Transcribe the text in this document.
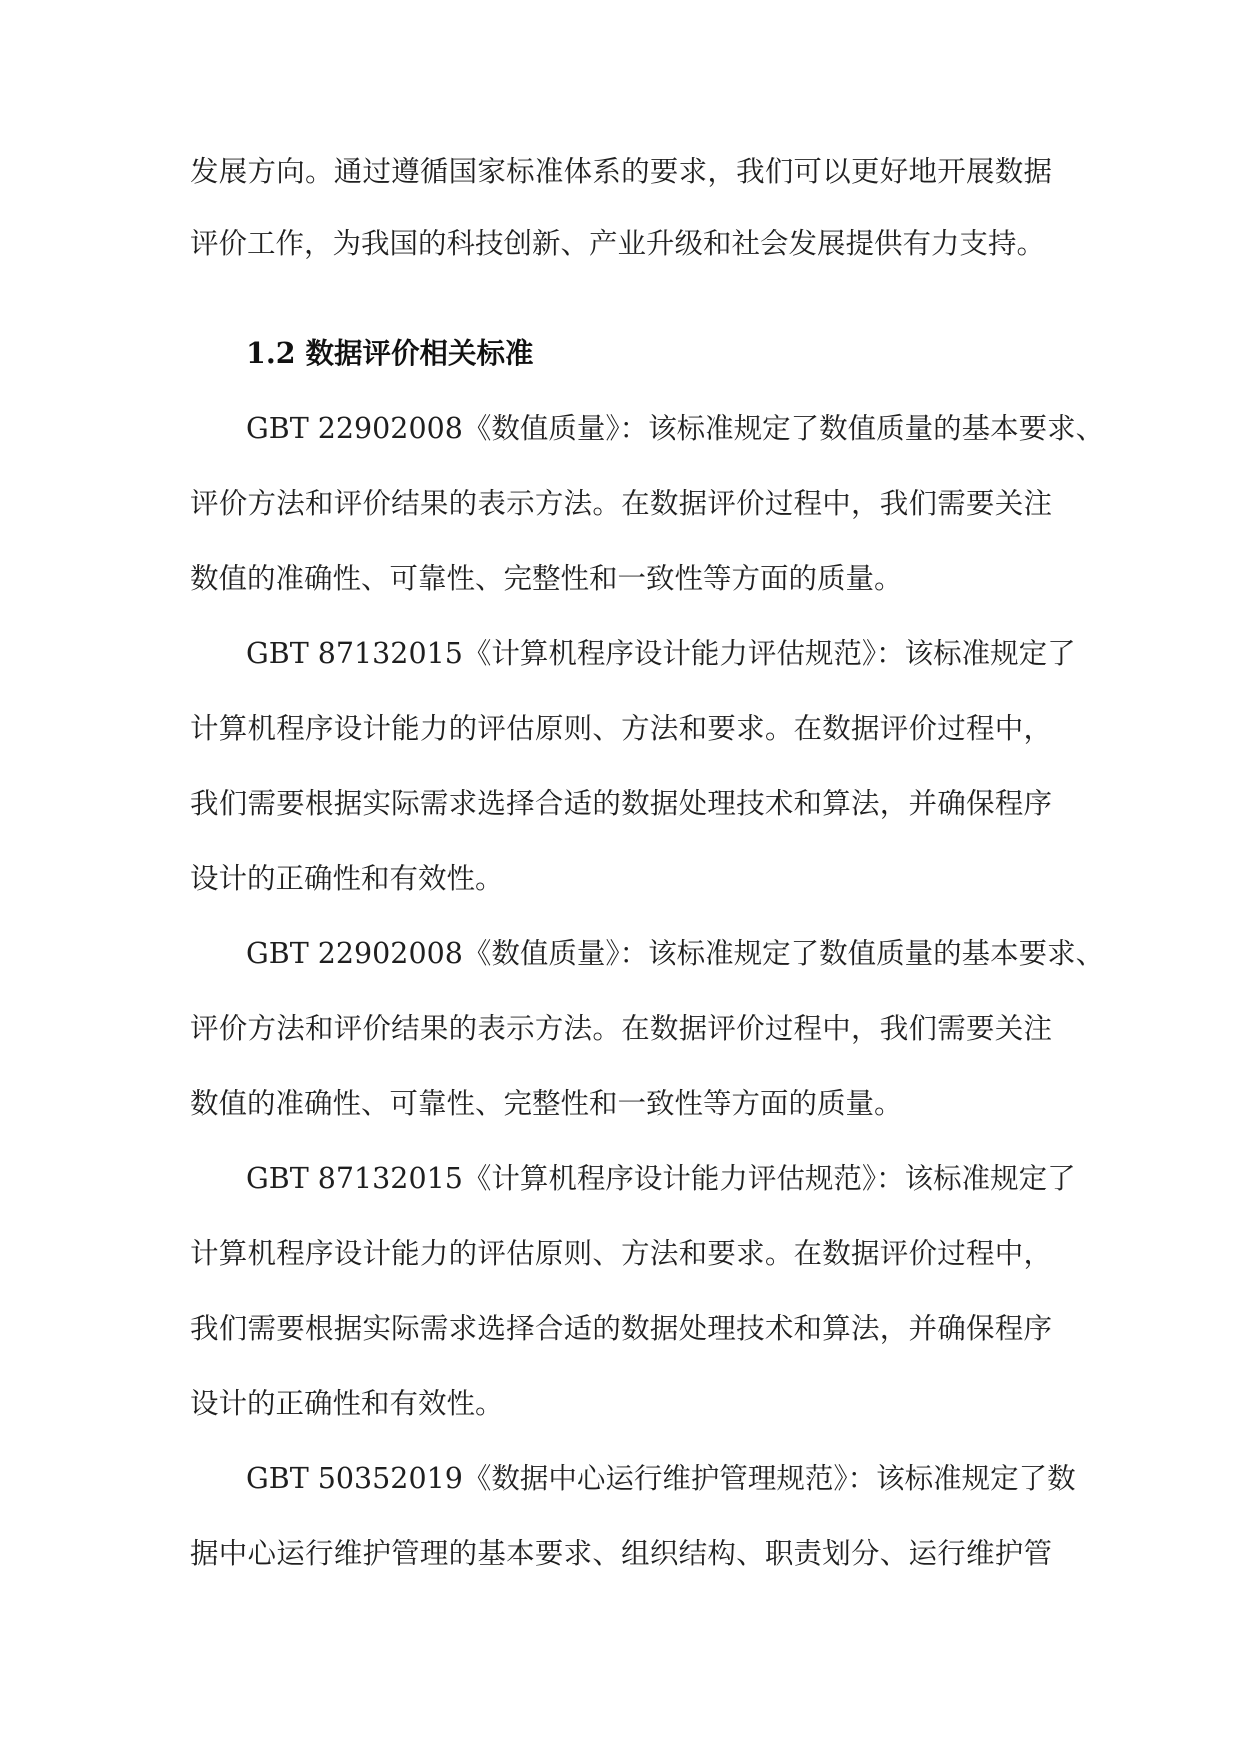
发展方向。通过遵循国家标准体系的要求，我们可以更好地开展数据
评价工作，为我国的科技创新、产业升级和社会发展提供有力支持。
1.2 数据评价相关标准
GBT 22902008《数值质量》：该标准规定了数值质量的基本要求、
评价方法和评价结果的表示方法。在数据评价过程中，我们需要关注
数值的准确性、可靠性、完整性和一致性等方面的质量。
GBT 87132015《计算机程序设计能力评估规范》：该标准规定了
计算机程序设计能力的评估原则、方法和要求。在数据评价过程中，
我们需要根据实际需求选择合适的数据处理技术和算法，并确保程序
设计的正确性和有效性。
GBT 22902008《数值质量》：该标准规定了数值质量的基本要求、
评价方法和评价结果的表示方法。在数据评价过程中，我们需要关注
数值的准确性、可靠性、完整性和一致性等方面的质量。
GBT 87132015《计算机程序设计能力评估规范》：该标准规定了
计算机程序设计能力的评估原则、方法和要求。在数据评价过程中，
我们需要根据实际需求选择合适的数据处理技术和算法，并确保程序
设计的正确性和有效性。
GBT 50352019《数据中心运行维护管理规范》：该标准规定了数
据中心运行维护管理的基本要求、组织结构、职责划分、运行维护管
